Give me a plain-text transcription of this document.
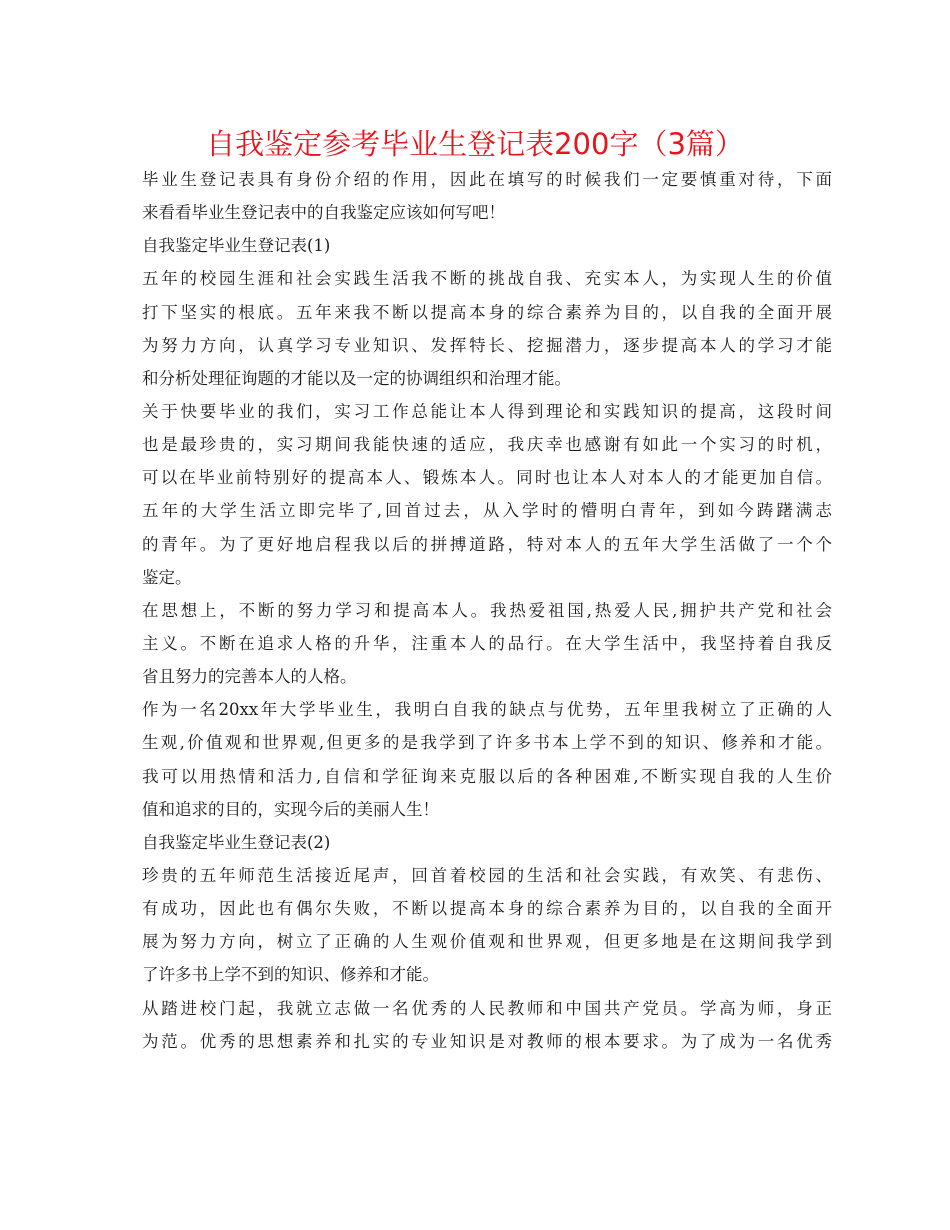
自我鉴定参考毕业生登记表200字（3篇）

毕业生登记表具有身份介绍的作用，因此在填写的时候我们一定要慎重对待，下面

来看看毕业生登记表中的自我鉴定应该如何写吧！

自我鉴定毕业生登记表(1)

五年的校园生涯和社会实践生活我不断的挑战自我、充实本人，为实现人生的价值

打下坚实的根底。五年来我不断以提高本身的综合素养为目的，以自我的全面开展

为努力方向，认真学习专业知识、发挥特长、挖掘潜力，逐步提高本人的学习才能

和分析处理征询题的才能以及一定的协调组织和治理才能。

关于快要毕业的我们，实习工作总能让本人得到理论和实践知识的提高，这段时间

也是最珍贵的，实习期间我能快速的适应，我庆幸也感谢有如此一个实习的时机，

可以在毕业前特别好的提高本人、锻炼本人。同时也让本人对本人的才能更加自信。

五年的大学生活立即完毕了,回首过去，从入学时的懵明白青年，到如今踌躇满志

的青年。为了更好地启程我以后的拼搏道路，特对本人的五年大学生活做了一个个

鉴定。

在思想上，不断的努力学习和提高本人。我热爱祖国,热爱人民,拥护共产党和社会

主义。不断在追求人格的升华，注重本人的品行。在大学生活中，我坚持着自我反

省且努力的完善本人的人格。

作为一名20xx年大学毕业生，我明白自我的缺点与优势，五年里我树立了正确的人

生观,价值观和世界观,但更多的是我学到了许多书本上学不到的知识、修养和才能。

我可以用热情和活力,自信和学征询来克服以后的各种困难,不断实现自我的人生价

值和追求的目的，实现今后的美丽人生！

自我鉴定毕业生登记表(2)

珍贵的五年师范生活接近尾声，回首着校园的生活和社会实践，有欢笑、有悲伤、

有成功，因此也有偶尔失败，不断以提高本身的综合素养为目的，以自我的全面开

展为努力方向，树立了正确的人生观价值观和世界观，但更多地是在这期间我学到

了许多书上学不到的知识、修养和才能。

从踏进校门起，我就立志做一名优秀的人民教师和中国共产党员。学高为师，身正

为范。优秀的思想素养和扎实的专业知识是对教师的根本要求。为了成为一名优秀
